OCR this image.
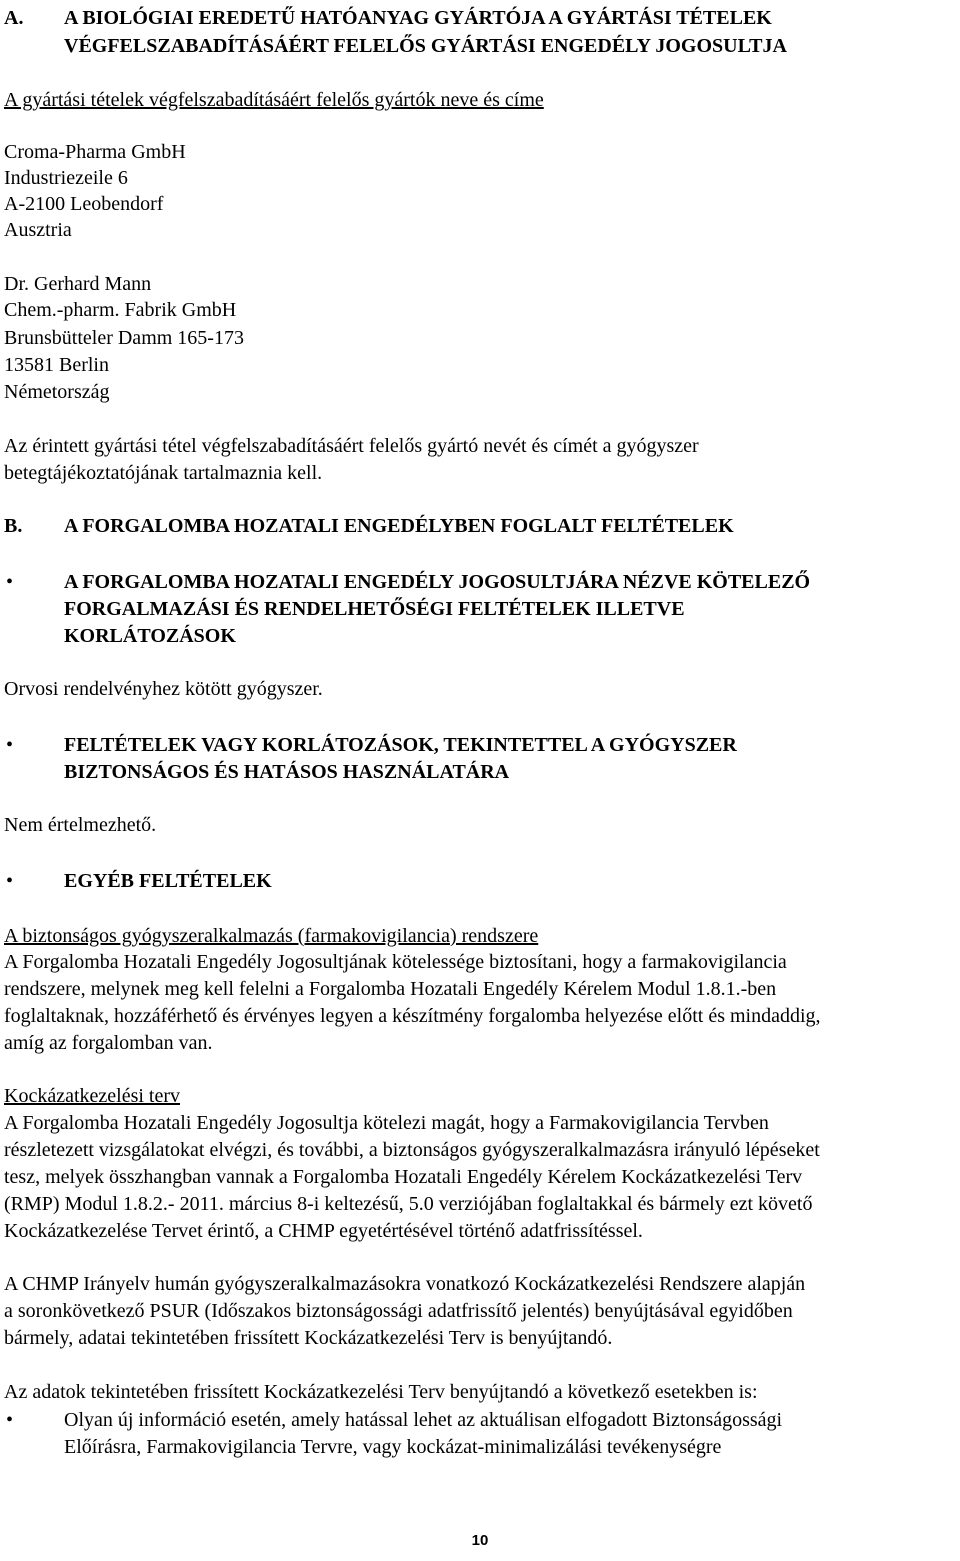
A. A BIOLÓGIAI EREDETŰ HATÓANYAG GYÁRTÓJA A GYÁRTÁSI TÉTELEK
VÉGFELSZABADÍTÁSÁÉRT FELELŐS GYÁRTÁSI ENGEDÉLY JOGOSULTJA
A gyártási tételek végfelszabadításáért felelős gyártók neve és címe
Croma-Pharma GmbH
Industriezeile 6
A-2100 Leobendorf
Ausztria
Dr. Gerhard Mann
Chem.-pharm. Fabrik GmbH
Brunsbütteler Damm 165-173
13581 Berlin
Németország
Az érintett gyártási tétel végfelszabadításáért felelős gyártó nevét és címét a gyógyszer
betegtájékoztatójának tartalmaznia kell.
B. A FORGALOMBA HOZATALI ENGEDÉLYBEN FOGLALT FELTÉTELEK
•	A FORGALOMBA HOZATALI ENGEDÉLY JOGOSULTJÁRA NÉZVE KÖTELEZŐ
FORGALMAZÁSI ÉS RENDELHETŐSÉGI FELTÉTELEK ILLETVE
KORLÁTOZÁSOK
Orvosi rendelvényhez kötött gyógyszer.
•	FELTÉTELEK VAGY KORLÁTOZÁSOK, TEKINTETTEL A GYÓGYSZER
BIZTONSÁGOS ÉS HATÁSOS HASZNÁLATÁRA
Nem értelmezhető.
•	EGYÉB FELTÉTELEK
A biztonságos gyógyszeralkalmazás (farmakovigilancia) rendszere
A Forgalomba Hozatali Engedély Jogosultjának kötelessége biztosítani, hogy a farmakovigilancia
rendszere, melynek meg kell felelni a Forgalomba Hozatali Engedély Kérelem Modul 1.8.1.-ben
foglaltaknak, hozzáférhető és érvényes legyen a készítmény forgalomba helyezése előtt és mindaddig,
amíg az forgalomban van.
Kockázatkezelési terv
A Forgalomba Hozatali Engedély Jogosultja kötelezi magát, hogy a Farmakovigilancia Tervben
részletezett vizsgálatokat elvégzi, és további, a biztonságos gyógyszeralkalmazásra irányuló lépéseket
tesz, melyek összhangban vannak a Forgalomba Hozatali Engedély Kérelem Kockázatkezelési Terv
(RMP) Modul 1.8.2.- 2011. március 8-i keltezésű, 5.0 verziójában foglaltakkal és bármely ezt követő
Kockázatkezelése Tervet érintő, a CHMP egyetértésével történő adatfrissítéssel.
A CHMP Irányelv humán gyógyszeralkalmazásokra vonatkozó Kockázatkezelési Rendszere alapján
a soronkövetkező PSUR (Időszakos biztonságossági adatfrissítő jelentés) benyújtásával egyidőben
bármely, adatai tekintetében frissített Kockázatkezelési Terv is benyújtandó.
Az adatok tekintetében frissített Kockázatkezelési Terv benyújtandó a következő esetekben is:
•	Olyan új információ esetén, amely hatással lehet az aktuálisan elfogadott Biztonságossági
Előírásra, Farmakovigilancia Tervre, vagy kockázat-minimalizálási tevékenységre
10
